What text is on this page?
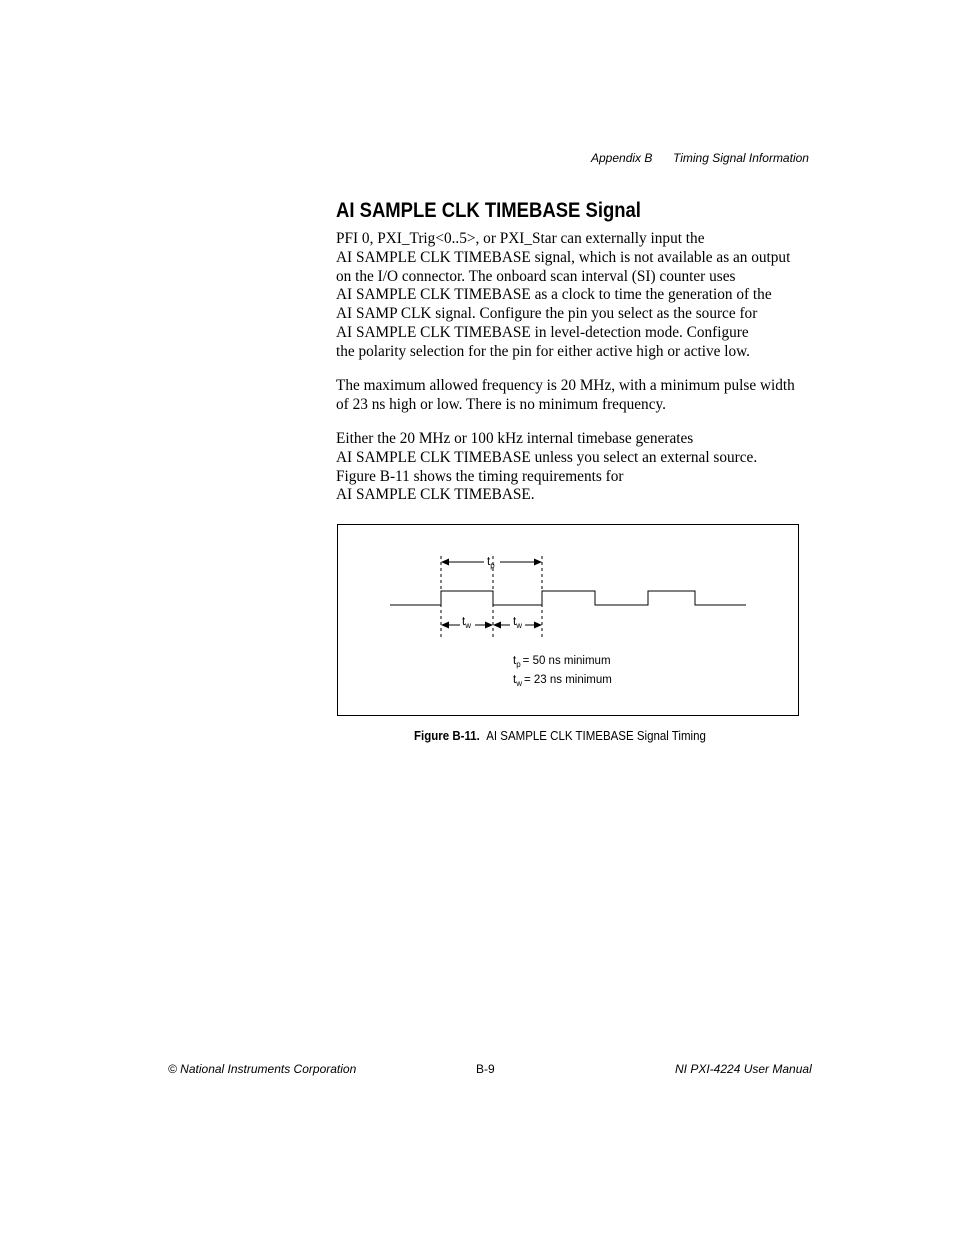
Appendix B Timing Signal Information
AI SAMPLE CLK TIMEBASE Signal
PFI 0, PXI_Trig<0..5>, or PXI_Star can externally input the
AI SAMPLE CLK TIMEBASE signal, which is not available as an output
on the I/O connector. The onboard scan interval (SI) counter uses
AI SAMPLE CLK TIMEBASE as a clock to time the generation of the
AI SAMP CLK signal. Configure the pin you select as the source for
AI SAMPLE CLK TIMEBASE in level-detection mode. Configure
the polarity selection for the pin for either active high or active low.
The maximum allowed frequency is 20 MHz, with a minimum pulse width
of 23 ns high or low. There is no minimum frequency.
Either the 20 MHz or 100 kHz internal timebase generates
AI SAMPLE CLK TIMEBASE unless you select an external source.
Figure B-11 shows the timing requirements for
AI SAMPLE CLK TIMEBASE.
$t_p$
$t_w$	$t_w$
$t_p = 50$ ns minimum
$t_w = 23$ ns minimum
Figure B-11. AI SAMPLE CLK TIMEBASE Signal Timing
© National Instruments Corporation	B-9	NI PXI-4224 User Manual
